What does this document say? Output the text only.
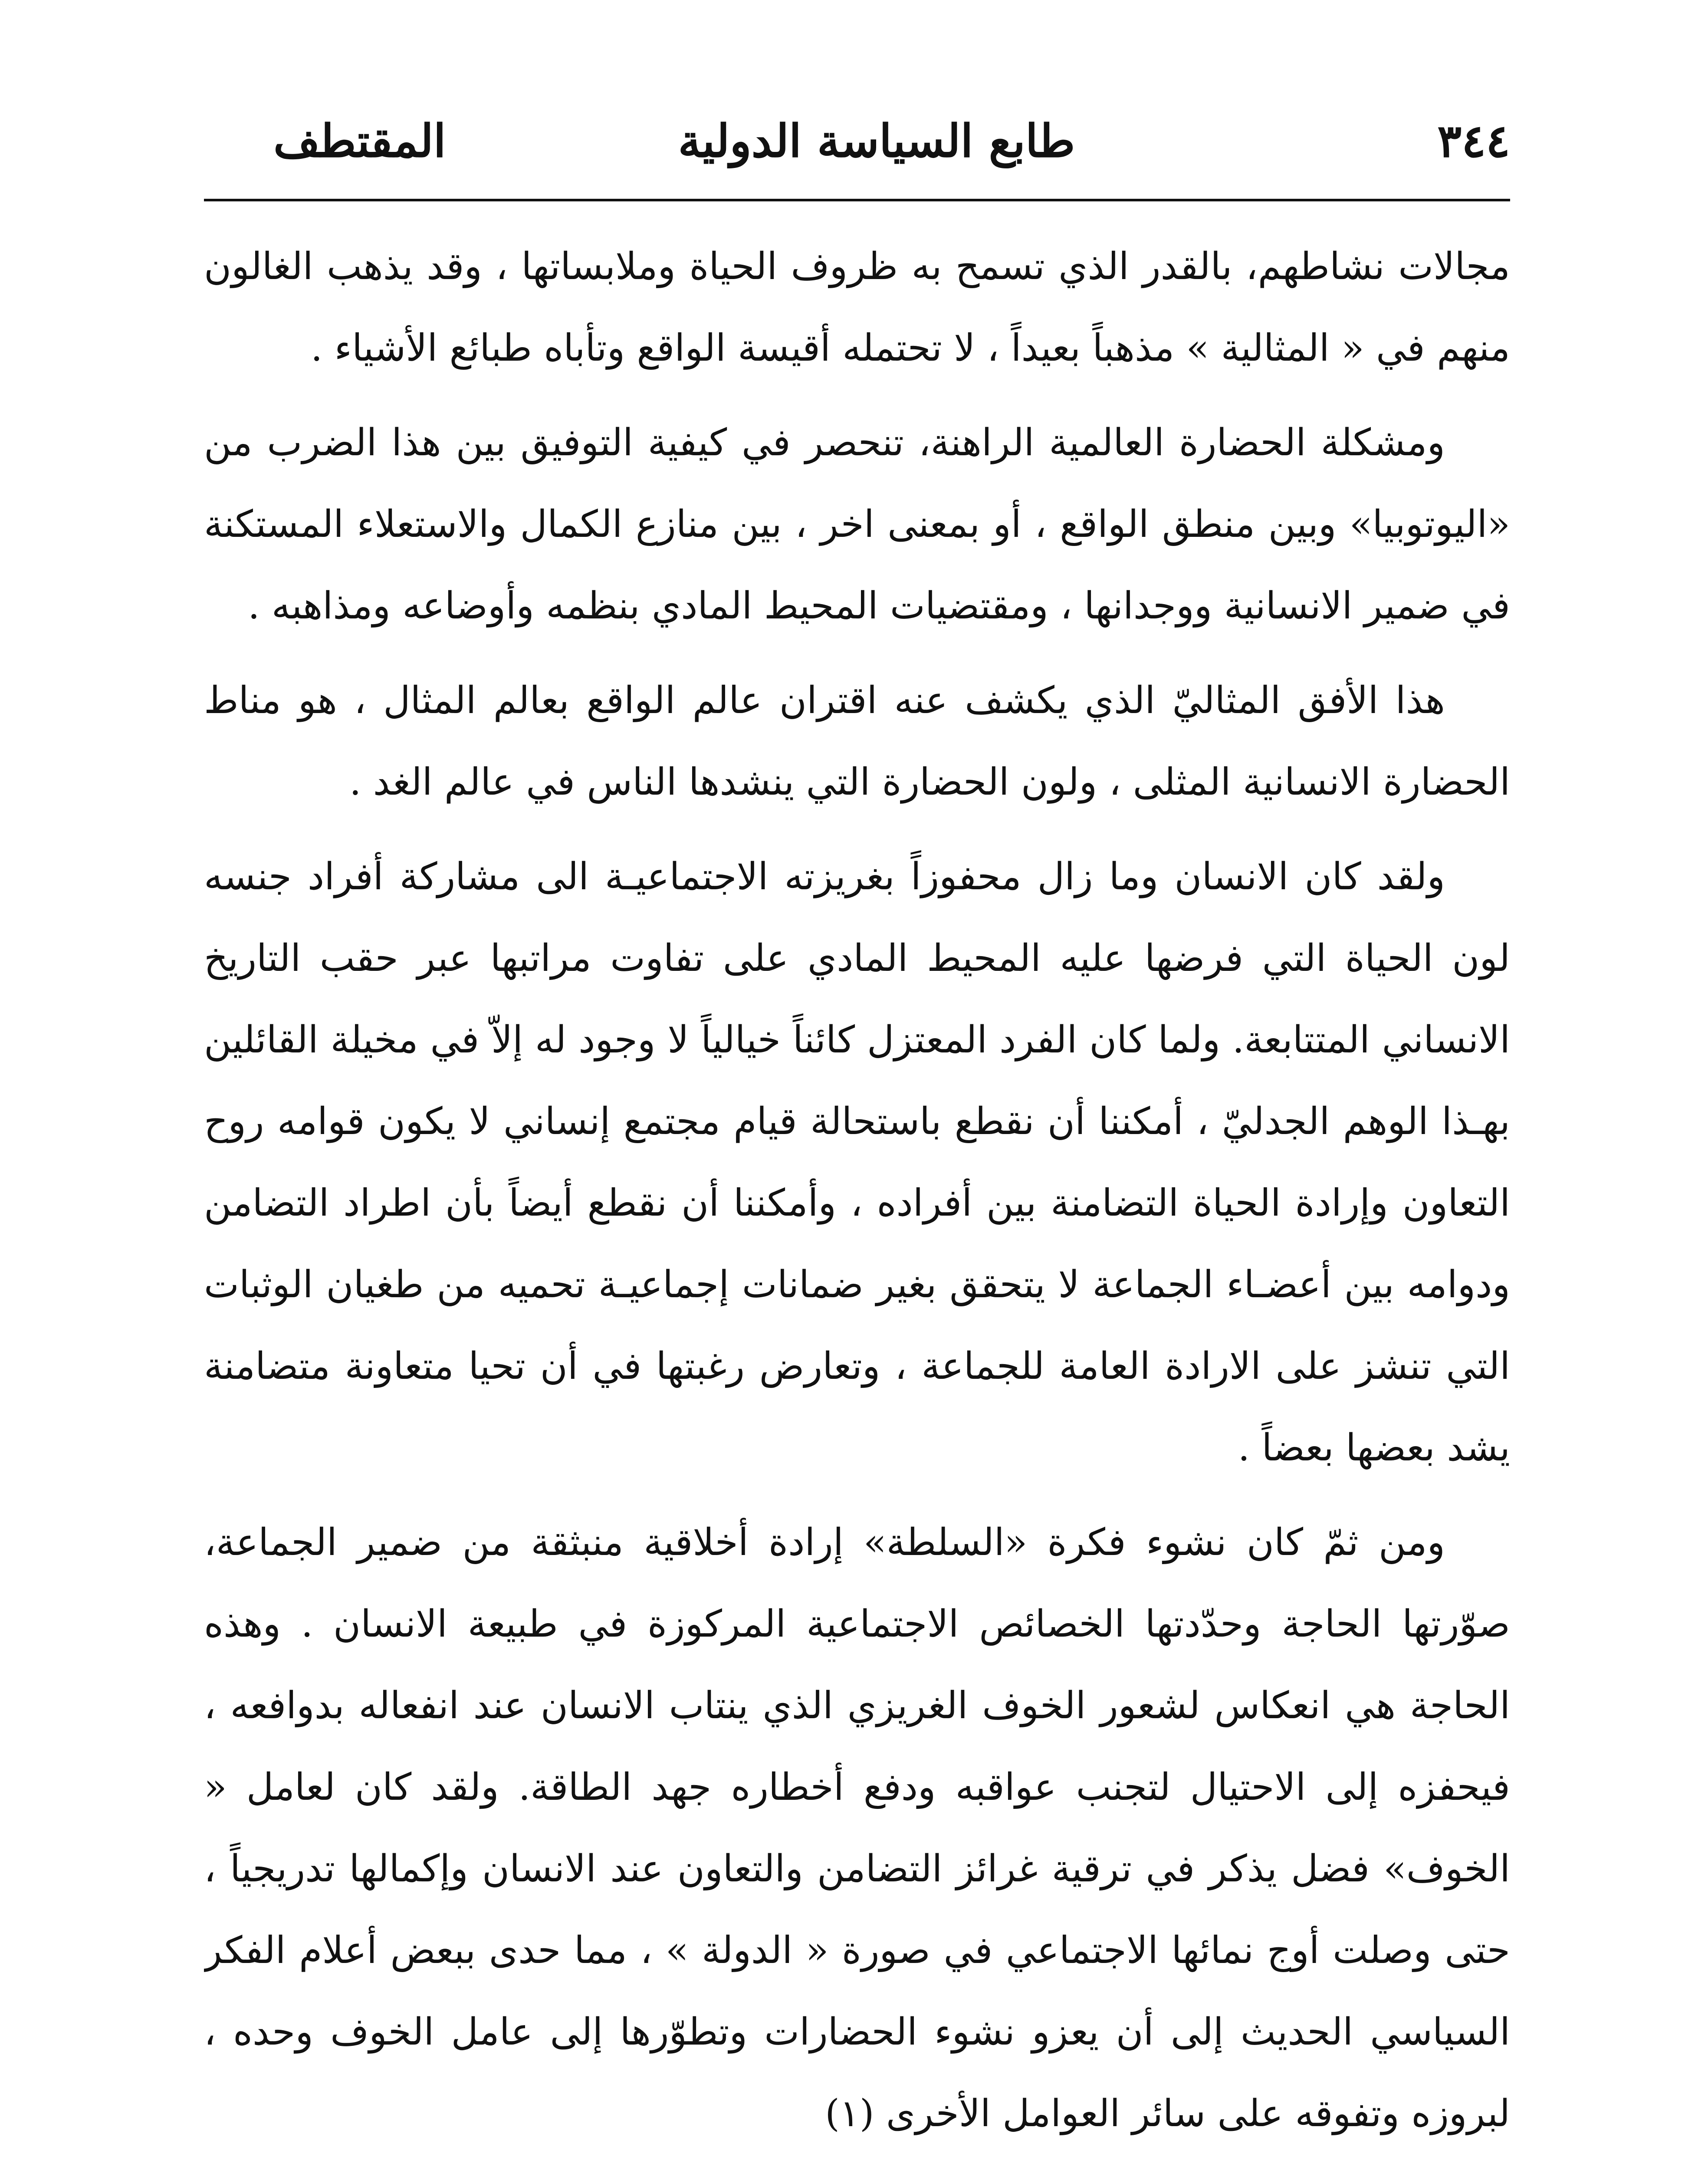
٣٤٤
طابع السياسة الدولية
المقتطف

مجالات نشاطهم، بالقدر الذي تسمح به ظروف الحياة وملابساتها ، وقد يذهب الغالون منهم في « المثالية » مذهباً بعيداً ، لا تحتمله أقيسة الواقع وتأباه طبائع الأشياء .

ومشكلة الحضارة العالمية الراهنة، تنحصر في كيفية التوفيق بين هذا الضرب من «اليوتوبيا» وبين منطق الواقع ، أو بمعنى اخر ، بين منازع الكمال والاستعلاء المستكنة في ضمير الانسانية ووجدانها ، ومقتضيات المحيط المادي بنظمه وأوضاعه ومذاهبه .

هذا الأفق المثاليّ الذي يكشف عنه اقتران عالم الواقع بعالم المثال ، هو مناط الحضارة الانسانية المثلى ، ولون الحضارة التي ينشدها الناس في عالم الغد .

ولقد كان الانسان وما زال محفوزاً بغريزته الاجتماعيـة الى مشاركة أفراد جنسه لون الحياة التي فرضها عليه المحيط المادي على تفاوت مراتبها عبر حقب التاريخ الانساني المتتابعة. ولما كان الفرد المعتزل كائناً خيالياً لا وجود له إلاّ في مخيلة القائلين بهـذا الوهم الجدليّ ، أمكننا أن نقطع باستحالة قيام مجتمع إنساني لا يكون قوامه روح التعاون وإرادة الحياة التضامنة بين أفراده ، وأمكننا أن نقطع أيضاً بأن اطراد التضامن ودوامه بين أعضـاء الجماعة لا يتحقق بغير ضمانات إجماعيـة تحميه من طغيان الوثبات التي تنشز على الارادة العامة للجماعة ، وتعارض رغبتها في أن تحيا متعاونة متضامنة يشد بعضها بعضاً .

ومن ثمّ كان نشوء فكرة «السلطة» إرادة أخلاقية منبثقة من ضمير الجماعة، صوّرتها الحاجة وحدّدتها الخصائص الاجتماعية المركوزة في طبيعة الانسان . وهذه الحاجة هي انعكاس لشعور الخوف الغريزي الذي ينتاب الانسان عند انفعاله بدوافعه ، فيحفزه إلى الاحتيال لتجنب عواقبه ودفع أخطاره جهد الطاقة. ولقد كان لعامل « الخوف» فضل يذكر في ترقية غرائز التضامن والتعاون عند الانسان وإكمالها تدريجياً ، حتى وصلت أوج نمائها الاجتماعي في صورة « الدولة » ، مما حدى ببعض أعلام الفكر السياسي الحديث إلى أن يعزو نشوء الحضارات وتطوّرها إلى عامل الخوف وحده ، لبروزه وتفوقه على سائر العوامل الأخرى (١)
